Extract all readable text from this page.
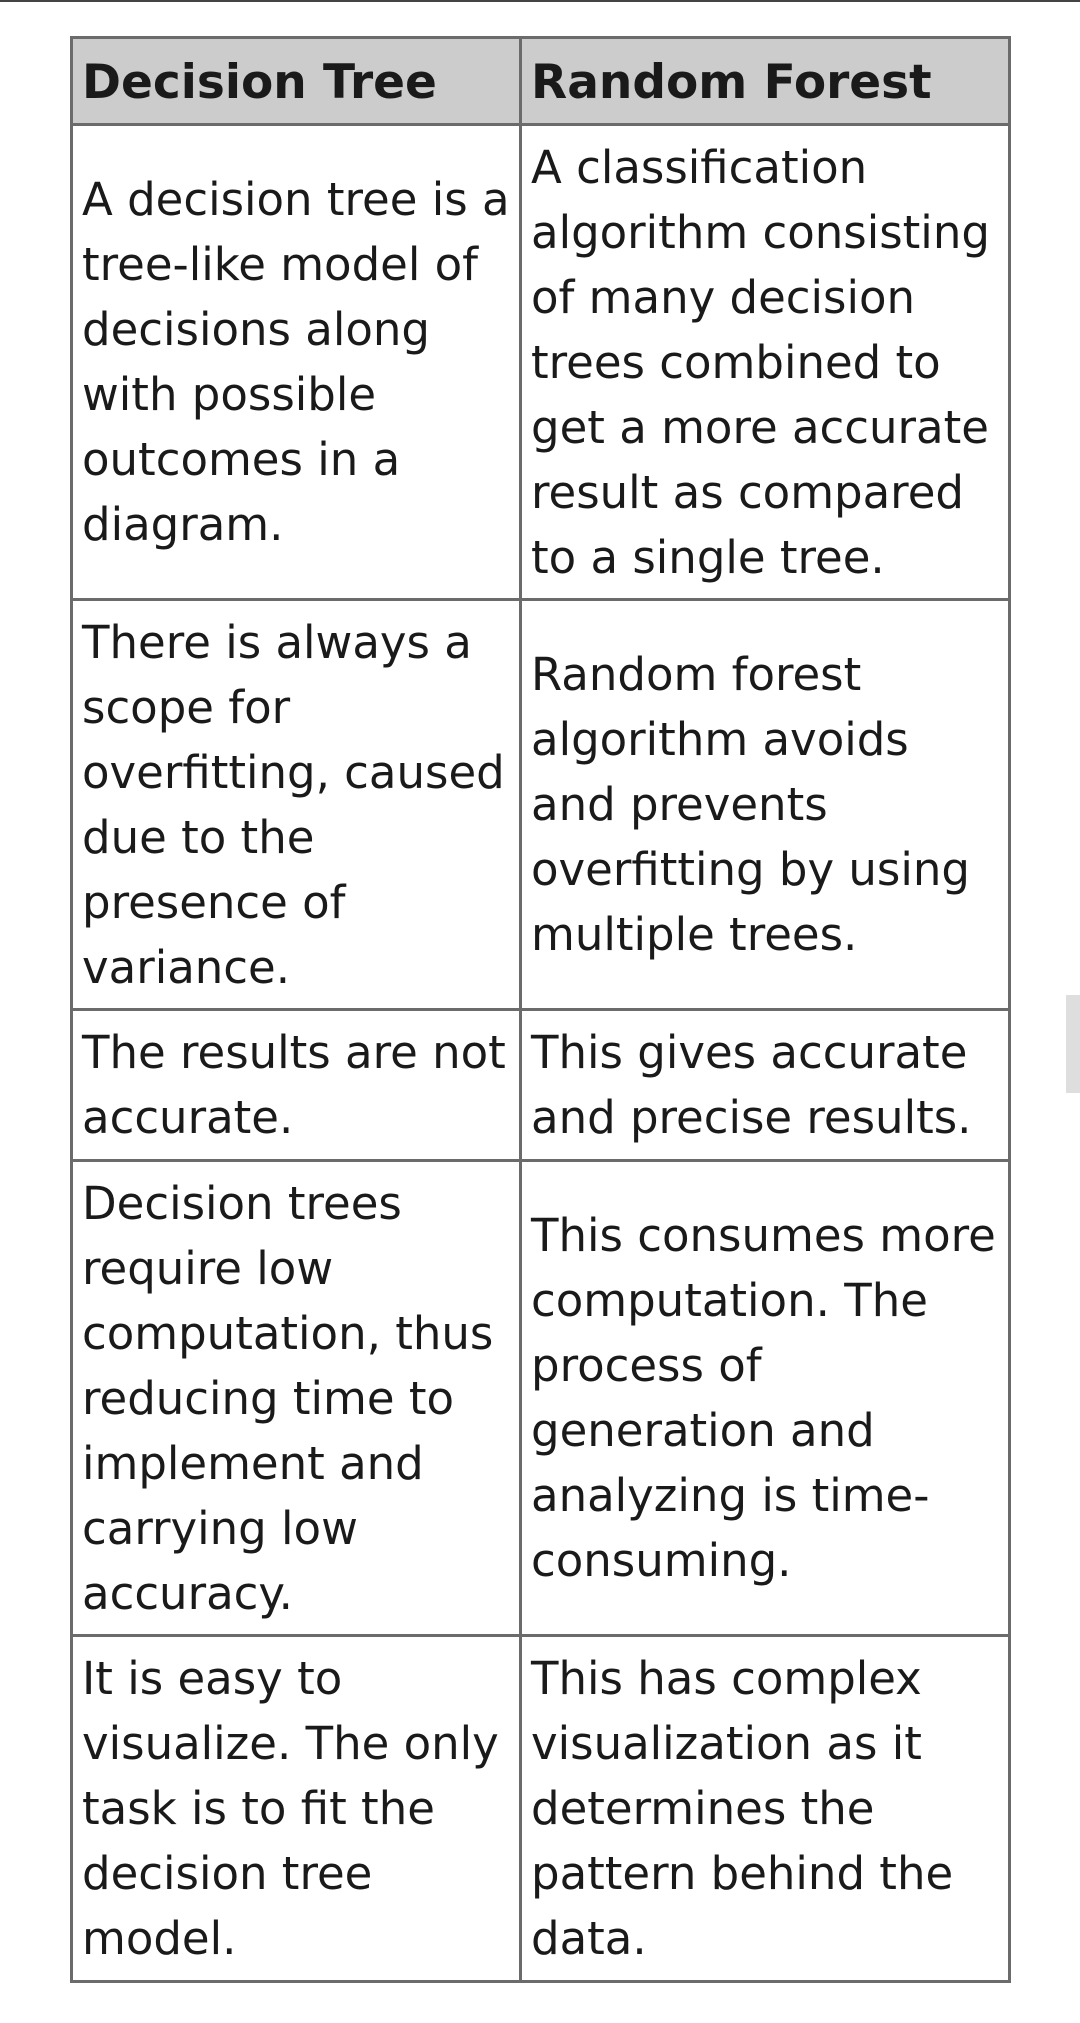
Decision Tree	Random Forest
A decision tree is a tree-like model of decisions along with possible outcomes in a diagram.	A classification algorithm consisting of many decision trees combined to get a more accurate result as compared to a single tree.
There is always a scope for overfitting, caused due to the presence of variance.	Random forest algorithm avoids and prevents overfitting by using multiple trees.
The results are not accurate.	This gives accurate and precise results.
Decision trees require low computation, thus reducing time to implement and carrying low accuracy.	This consumes more computation. The process of generation and analyzing is time-consuming.
It is easy to visualize. The only task is to fit the decision tree model.	This has complex visualization as it determines the pattern behind the data.
